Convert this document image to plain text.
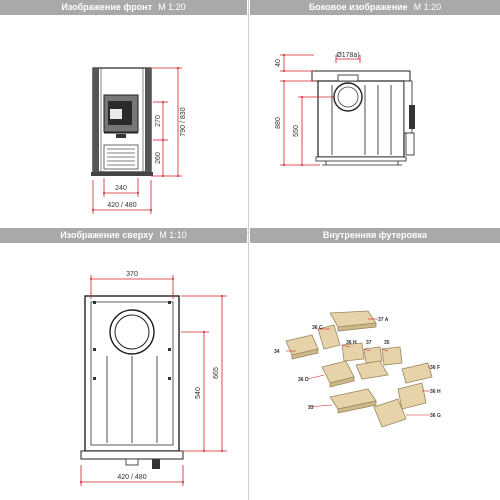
Изображение фронт M 1:20	Боковое изображение M 1:20
Изображение сверху M 1:10	Внутренняя футеровка
790 / 830
270
260
240
420 / 480
40
Ø178а)
880
550
370
540
665
420 / 480
37 A
36 C
34
36 H 37 35
36 F
36 D
36 H
33
36 G
